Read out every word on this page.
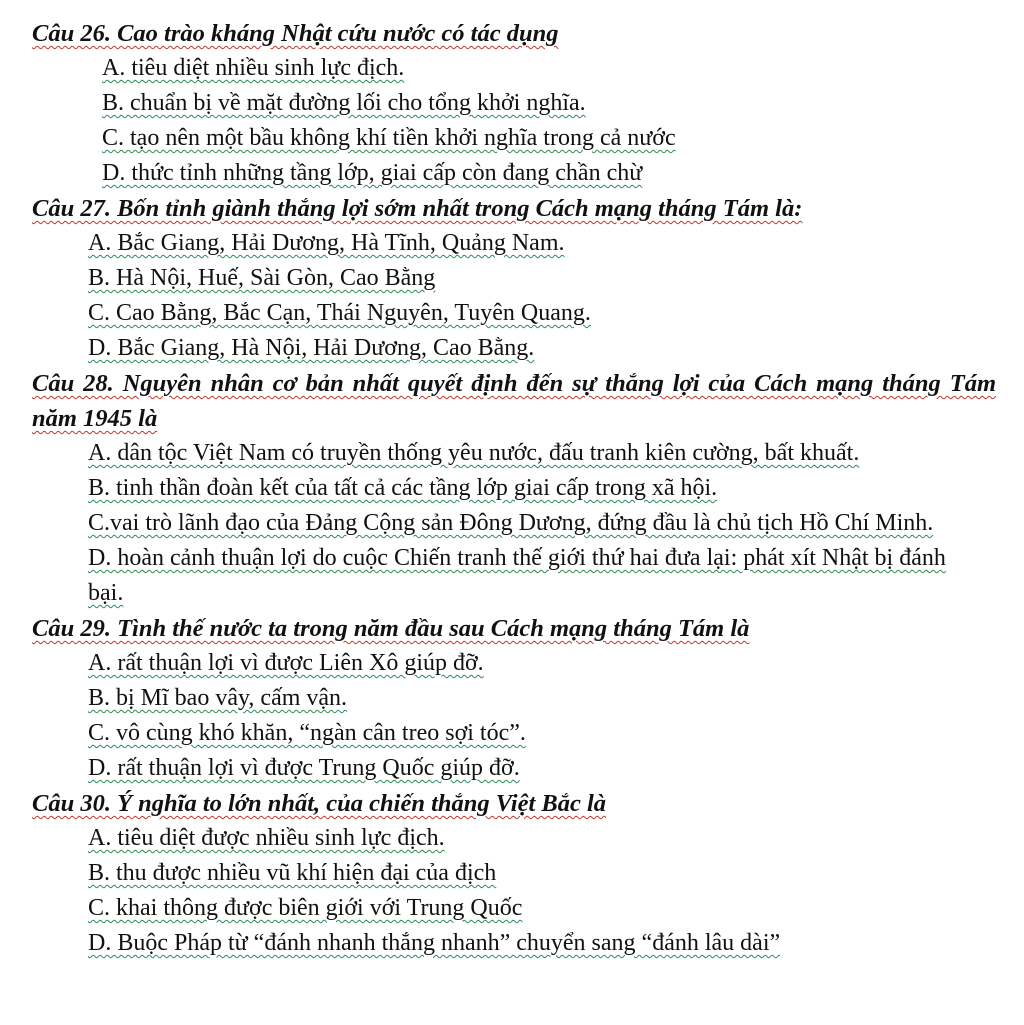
Câu 26. Cao trào kháng Nhật cứu nước có tác dụng

A. tiêu diệt nhiều sinh lực địch.

B. chuẩn bị về mặt đường lối cho tổng khởi nghĩa.

C. tạo nên một bầu không khí tiền khởi nghĩa trong cả nước

D. thức tỉnh những tầng lớp, giai cấp còn đang chần chừ

Câu 27. Bốn tỉnh giành thắng lợi sớm nhất trong Cách mạng tháng Tám là:

A. Bắc Giang, Hải Dương, Hà Tĩnh, Quảng Nam.

B. Hà Nội, Huế, Sài Gòn, Cao Bằng

C. Cao Bằng, Bắc Cạn, Thái Nguyên, Tuyên Quang.

D. Bắc Giang, Hà Nội, Hải Dương, Cao Bằng.

Câu 28. Nguyên nhân cơ bản nhất quyết định đến sự thắng lợi của Cách mạng tháng Tám năm 1945 là

A. dân tộc Việt Nam có truyền thống yêu nước, đấu tranh kiên cường, bất khuất.

B. tinh thần đoàn kết của tất cả các tầng lớp giai cấp trong xã hội.

C.vai trò lãnh đạo của Đảng Cộng sản Đông Dương, đứng đầu là chủ tịch Hồ Chí Minh.

D. hoàn cảnh thuận lợi do cuộc Chiến tranh thế giới thứ hai đưa lại: phát xít Nhật bị đánh bại.

Câu 29. Tình thế nước ta trong năm đầu sau Cách mạng tháng Tám là

A. rất thuận lợi vì được Liên Xô giúp đỡ.

B. bị Mĩ bao vây, cấm vận.

C. vô cùng khó khăn, “ngàn cân treo sợi tóc”.

D. rất thuận lợi vì được Trung Quốc giúp đỡ.

Câu 30. Ý nghĩa to lớn nhất, của chiến thắng Việt Bắc là

A. tiêu diệt được nhiều sinh lực địch.

B. thu được nhiều vũ khí hiện đại của địch

C. khai thông được biên giới với Trung Quốc

D. Buộc Pháp từ “đánh nhanh thắng nhanh” chuyển sang “đánh lâu dài”
